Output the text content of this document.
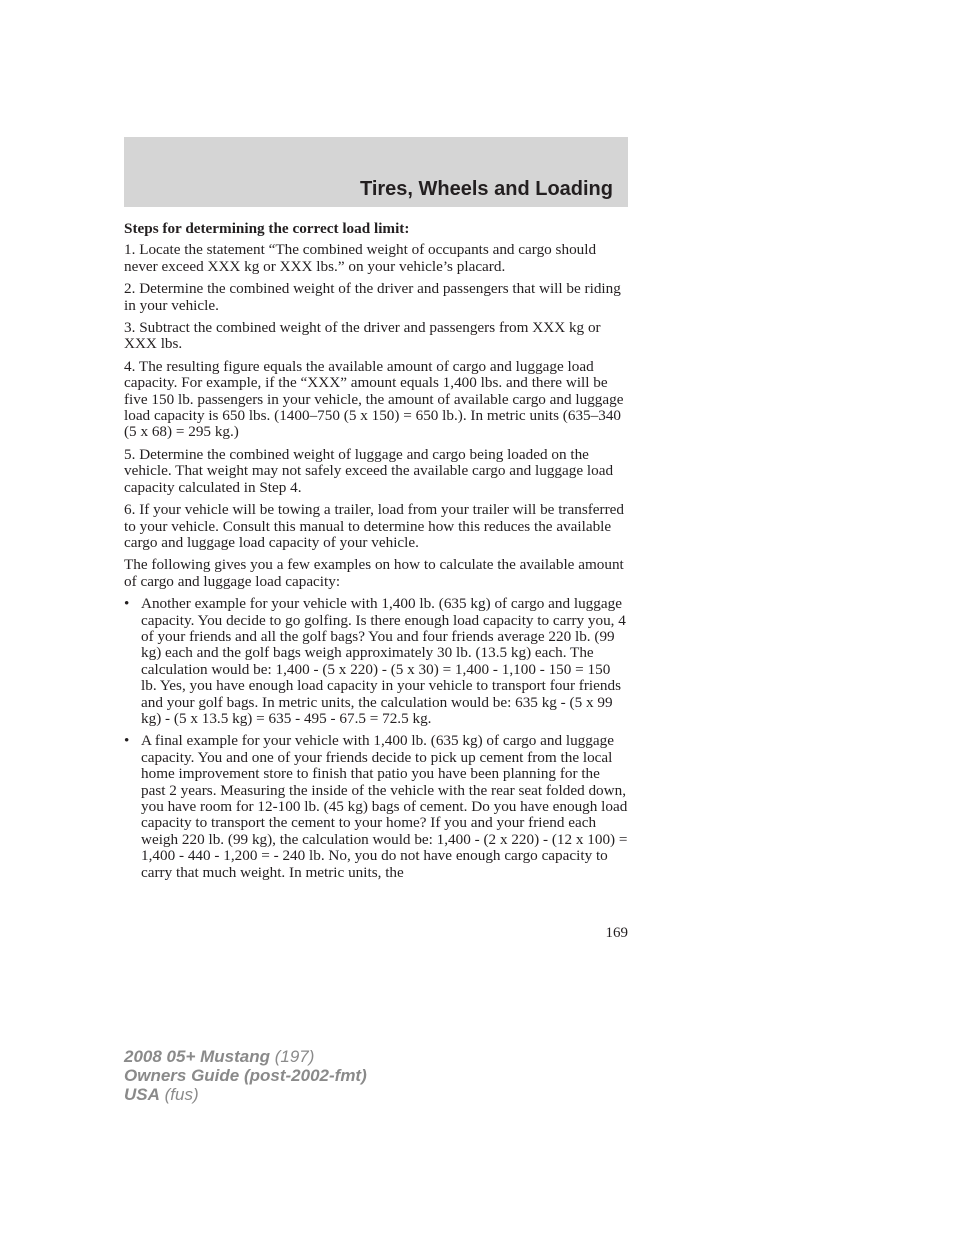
Tires, Wheels and Loading

Steps for determining the correct load limit:

1. Locate the statement “The combined weight of occupants and cargo should never exceed XXX kg or XXX lbs.” on your vehicle’s placard.

2. Determine the combined weight of the driver and passengers that will be riding in your vehicle.

3. Subtract the combined weight of the driver and passengers from XXX kg or XXX lbs.

4. The resulting figure equals the available amount of cargo and luggage load capacity. For example, if the “XXX” amount equals 1,400 lbs. and there will be five 150 lb. passengers in your vehicle, the amount of available cargo and luggage load capacity is 650 lbs. (1400–750 (5 x 150) = 650 lb.). In metric units (635–340 (5 x 68) = 295 kg.)

5. Determine the combined weight of luggage and cargo being loaded on the vehicle. That weight may not safely exceed the available cargo and luggage load capacity calculated in Step 4.

6. If your vehicle will be towing a trailer, load from your trailer will be transferred to your vehicle. Consult this manual to determine how this reduces the available cargo and luggage load capacity of your vehicle.

The following gives you a few examples on how to calculate the available amount of cargo and luggage load capacity:

• Another example for your vehicle with 1,400 lb. (635 kg) of cargo and luggage capacity. You decide to go golfing. Is there enough load capacity to carry you, 4 of your friends and all the golf bags? You and four friends average 220 lb. (99 kg) each and the golf bags weigh approximately 30 lb. (13.5 kg) each. The calculation would be: 1,400 - (5 x 220) - (5 x 30) = 1,400 - 1,100 - 150 = 150 lb. Yes, you have enough load capacity in your vehicle to transport four friends and your golf bags. In metric units, the calculation would be: 635 kg - (5 x 99 kg) - (5 x 13.5 kg) = 635 - 495 - 67.5 = 72.5 kg.
• A final example for your vehicle with 1,400 lb. (635 kg) of cargo and luggage capacity. You and one of your friends decide to pick up cement from the local home improvement store to finish that patio you have been planning for the past 2 years. Measuring the inside of the vehicle with the rear seat folded down, you have room for 12-100 lb. (45 kg) bags of cement. Do you have enough load capacity to transport the cement to your home? If you and your friend each weigh 220 lb. (99 kg), the calculation would be: 1,400 - (2 x 220) - (12 x 100) = 1,400 - 440 - 1,200 = - 240 lb. No, you do not have enough cargo capacity to carry that much weight. In metric units, the
169
2008 05+ Mustang (197)
Owners Guide (post-2002-fmt)
USA (fus)
